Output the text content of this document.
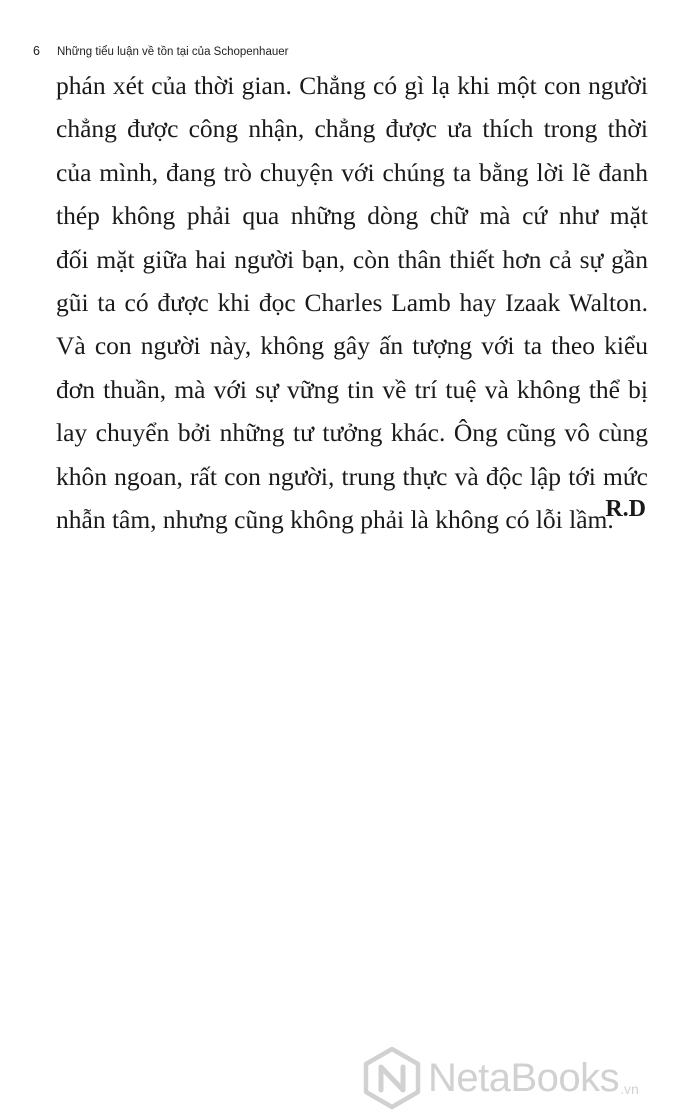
6 Những tiểu luận về tồn tại của Schopenhauer
phán xét của thời gian. Chẳng có gì lạ khi một con người
chẳng được công nhận, chẳng được ưa thích trong thời
của mình, đang trò chuyện với chúng ta bằng lời lẽ đanh
thép không phải qua những dòng chữ mà cứ như mặt
đối mặt giữa hai người bạn, còn thân thiết hơn cả sự gần
gũi ta có được khi đọc Charles Lamb hay Izaak Walton.
Và con người này, không gây ấn tượng với ta theo kiểu
đơn thuần, mà với sự vững tin về trí tuệ và không thể bị
lay chuyển bởi những tư tưởng khác. Ông cũng vô cùng
khôn ngoan, rất con người, trung thực và độc lập tới mức
nhẫn tâm, nhưng cũng không phải là không có lỗi lầm.
R.D
NetaBooks .vn
